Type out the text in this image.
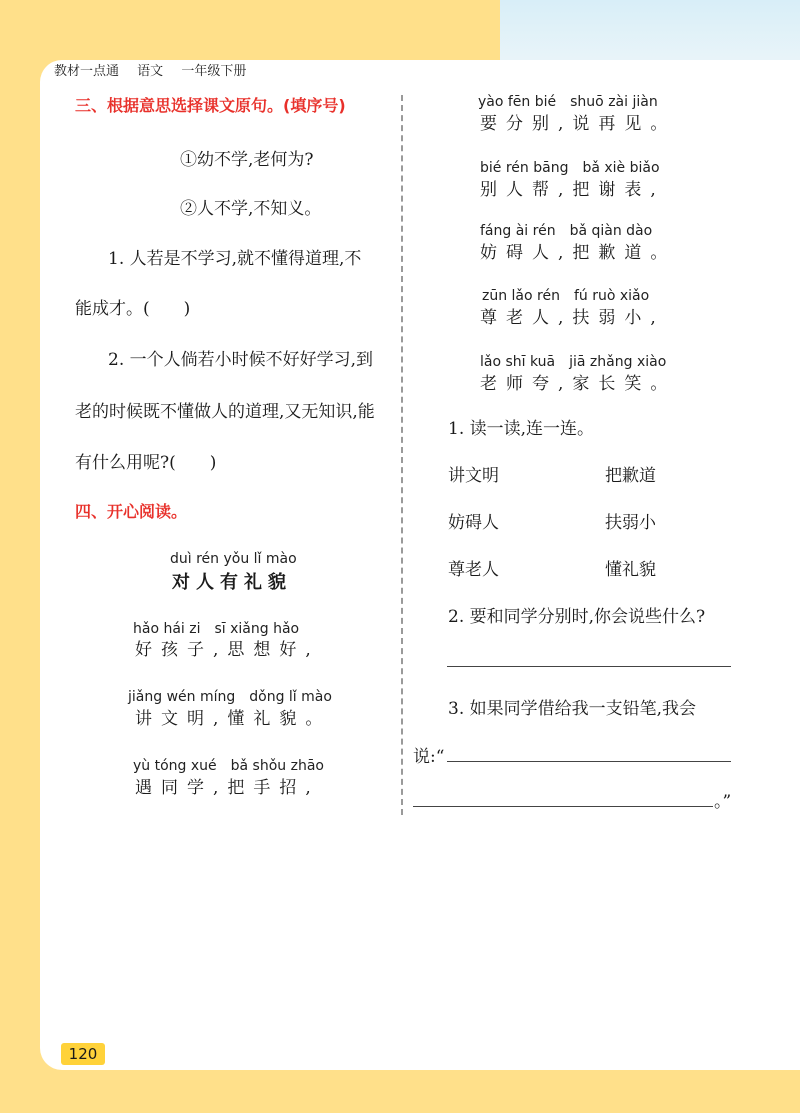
教材一点通 语文 一年级下册
三、根据意思选择课文原句。(填序号)
①幼不学,老何为?
②人不学,不知义。
1. 人若是不学习,就不懂得道理,不
能成才。(　　)
2. 一个人倘若小时候不好好学习,到
老的时候既不懂做人的道理,又无知识,能
有什么用呢?(　　)
四、开心阅读。
duì rén yǒu lǐ mào
对人有礼貌
hǎo hái zi　sī xiǎng hǎo
好孩子,思想好,
jiǎng wén míng　dǒng lǐ mào
讲文明,懂礼貌。
yù tóng xué　bǎ shǒu zhāo
遇同学,把手招,
yào fēn bié　shuō zài jiàn
要分别,说再见。
bié rén bāng　bǎ xiè biǎo
别人帮,把谢表,
fáng ài rén　bǎ qiàn dào
妨碍人,把歉道。
zūn lǎo rén　fú ruò xiǎo
尊老人,扶弱小,
lǎo shī kuā　jiā zhǎng xiào
老师夸,家长笑。
1. 读一读,连一连。
讲文明
妨碍人
尊老人
把歉道
扶弱小
懂礼貌
2. 要和同学分别时,你会说些什么?
3. 如果同学借给我一支铅笔,我会
说:“
。”
120
